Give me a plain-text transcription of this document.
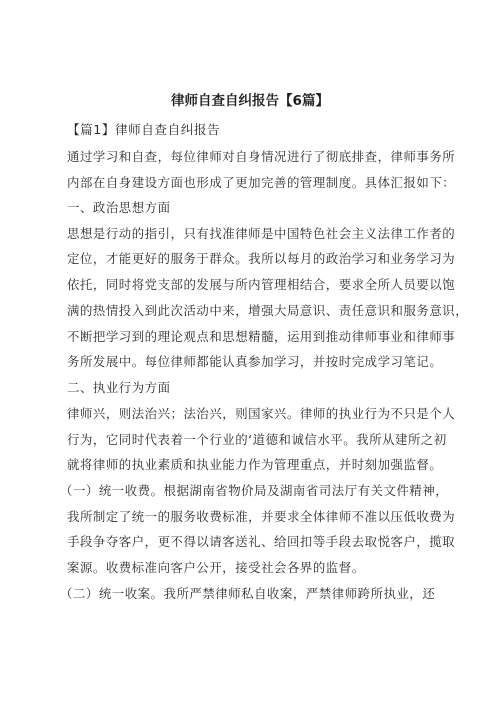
律师自查自纠报告【6篇】
【篇1】律师自查自纠报告
通过学习和自查，每位律师对自身情况进行了彻底排查，律师事务所
内部在自身建设方面也形成了更加完善的管理制度。具体汇报如下：
一、政治思想方面
思想是行动的指引，只有找准律师是中国特色社会主义法律工作者的
定位，才能更好的服务于群众。我所以每月的政治学习和业务学习为
依托，同时将党支部的发展与所内管理相结合，要求全所人员要以饱
满的热情投入到此次活动中来，增强大局意识、责任意识和服务意识，
不断把学习到的理论观点和思想精髓，运用到推动律师事业和律师事
务所发展中。每位律师都能认真参加学习，并按时完成学习笔记。
二、执业行为方面
律师兴，则法治兴；法治兴，则国家兴。律师的执业行为不只是个人
行为，它同时代表着一个行业的‘道德和诚信水平。我所从建所之初
就将律师的执业素质和执业能力作为管理重点，并时刻加强监督。
（一）统一收费。根据湖南省物价局及湖南省司法厅有关文件精神，
我所制定了统一的服务收费标准，并要求全体律师不准以压低收费为
手段争夺客户，更不得以请客送礼、给回扣等手段去取悦客户，揽取
案源。收费标准向客户公开，接受社会各界的监督。
（二）统一收案。我所严禁律师私自收案，严禁律师跨所执业，还
